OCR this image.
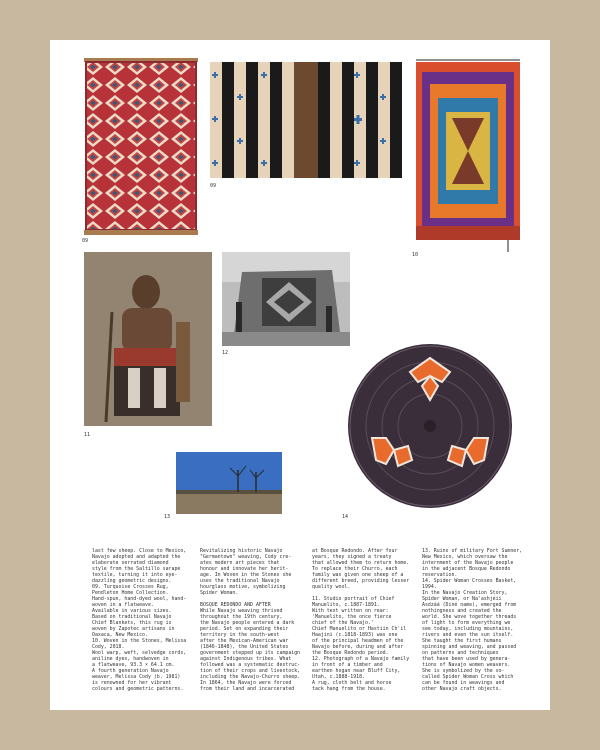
09
09
10
11
12
13	14
last few sheep. Close to Mexico,
Navajo adopted and adapted the
elaborate serrated diamond
style from the Saltillo sarape
textile, turning it into eye-
dazzling geometric designs.
09. Turquoise Crosses Rug,
Pendleton Home Collection.
Hand-spun, hand-dyed wool, hand-
woven in a flatweave.
Available in various sizes.
Based on traditional Navajo
Chief Blankets, this rug is
woven by Zapotec artisans in
Oaxaca, New Mexico.
10. Woven in the Stones, Melissa
Cody, 2018.
Wool warp, weft, selvedge cords,
aniline dyes, handwoven in
a flatweave, 93.3 × 64.1 cm.
A fourth generation Navajo
weaver, Melissa Cody (b. 1981)
is renowned for her vibrant
colours and geometric patterns.
Revitalizing historic Navajo
"Germantown" weaving, Cody cre-
ates modern art pieces that
honour and innovate her herit-
age. In Woven in the Stones she
uses the traditional Navajo
hourglass motive, symbolizing
Spider Woman.

BOSQUE REDONDO AND AFTER
While Navajo weaving thrived
throughout the 19th century,
the Navajo people entered a dark
period. Set on expanding their
territory in the south-west
after the Mexican-American war
(1846-1848), the United States
government stepped up its campaign
against Indigenous tribes. What
followed was a systematic destruc-
tion of their crops and livestock,
including the Navajo-Churro sheep.
In 1864, the Navajo were forced
from their land and incarcerated
at Bosque Redondo. After four
years, they signed a treaty
that allowed them to return home.
To replace their Churro, each
family was given one sheep of a
different breed, providing lesser
quality wool.

11. Studio portrait of Chief
Manuelito, c.1887-1891.
With text written on rear:
'Manuelito, the once fierce
chief of the Navajo.'
Chief Manuelito or Hastiin Ch'il
Haajini (c.1818-1893) was one
of the principal headmen of the
Navajo before, during and after
the Bosque Redondo period.
12. Photograph of a Navajo family
in front of a timber and
earthen hogan near Bluff City,
Utah, c.1888-1918.
A rug, cloth belt and horse
tack hang from the house.
13. Ruins of military Fort Sumner,
New Mexico, which oversaw the
internment of the Navajo people
in the adjacent Bosque Redondo
reservation.
14. Spider Woman Crosses Basket,
1994.
In the Navajo Creation Story,
Spider Woman, or Na'ashjéii
Asdzáá (Diné name), emerged from
nothingness and created the
world. She wove together threads
of light to form everything we
see today, including mountains,
rivers and even the sun itself.
She taught the first humans
spinning and weaving, and passed
on patterns and techniques
that have been used by genera-
tions of Navajo women weavers.
She is symbolized by the so-
called Spider Woman Cross which
can be found in weavings and
other Navajo craft objects.
